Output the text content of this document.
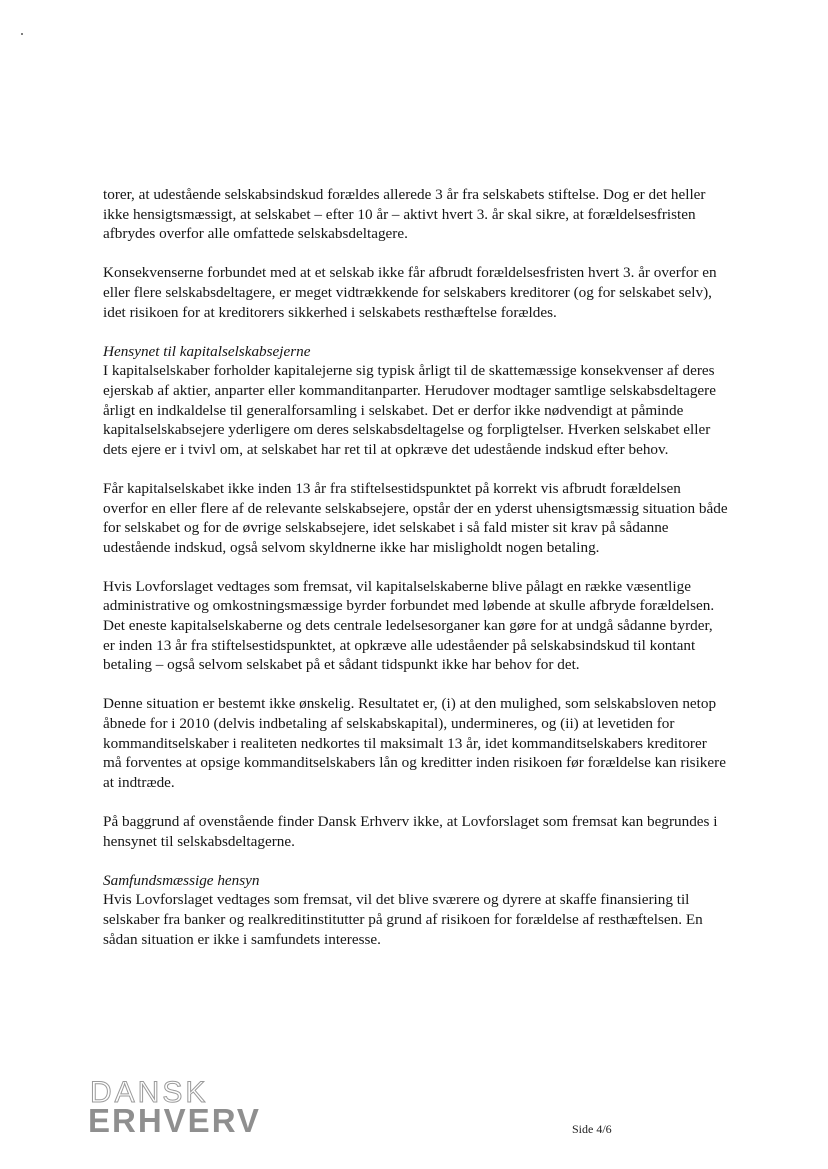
torer, at udestående selskabsindskud forældes allerede 3 år fra selskabets stiftelse. Dog er det heller ikke hensigtsmæssigt, at selskabet – efter 10 år – aktivt hvert 3. år skal sikre, at forældelsesfristen afbrydes overfor alle omfattede selskabsdeltagere.

Konsekvenserne forbundet med at et selskab ikke får afbrudt forældelsesfristen hvert 3. år overfor en eller flere selskabsdeltagere, er meget vidtrækkende for selskabers kreditorer (og for selskabet selv), idet risikoen for at kreditorers sikkerhed i selskabets resthæftelse forældes.

Hensynet til kapitalselskabsejerne
I kapitalselskaber forholder kapitalejerne sig typisk årligt til de skattemæssige konsekvenser af deres ejerskab af aktier, anparter eller kommanditanparter. Herudover modtager samtlige selskabsdeltagere årligt en indkaldelse til generalforsamling i selskabet. Det er derfor ikke nødvendigt at påminde kapitalselskabsejere yderligere om deres selskabsdeltagelse og forpligtelser. Hverken selskabet eller dets ejere er i tvivl om, at selskabet har ret til at opkræve det udestående indskud efter behov.

Får kapitalselskabet ikke inden 13 år fra stiftelsestidspunktet på korrekt vis afbrudt forældelsen overfor en eller flere af de relevante selskabsejere, opstår der en yderst uhensigtsmæssig situation både for selskabet og for de øvrige selskabsejere, idet selskabet i så fald mister sit krav på sådanne udestående indskud, også selvom skyldnerne ikke har misligholdt nogen betaling.

Hvis Lovforslaget vedtages som fremsat, vil kapitalselskaberne blive pålagt en række væsentlige administrative og omkostningsmæssige byrder forbundet med løbende at skulle afbryde forældelsen. Det eneste kapitalselskaberne og dets centrale ledelsesorganer kan gøre for at undgå sådanne byrder, er inden 13 år fra stiftelsestidspunktet, at opkræve alle udeståender på selskabsindskud til kontant betaling – også selvom selskabet på et sådant tidspunkt ikke har behov for det.

Denne situation er bestemt ikke ønskelig. Resultatet er, (i) at den mulighed, som selskabsloven netop åbnede for i 2010 (delvis indbetaling af selskabskapital), undermineres, og (ii) at levetiden for kommanditselskaber i realiteten nedkortes til maksimalt 13 år, idet kommanditselskabers kreditorer må forventes at opsige kommanditselskabers lån og kreditter inden risikoen før forældelse kan risikere at indtræde.

På baggrund af ovenstående finder Dansk Erhverv ikke, at Lovforslaget som fremsat kan begrundes i hensynet til selskabsdeltagerne.

Samfundsmæssige hensyn
Hvis Lovforslaget vedtages som fremsat, vil det blive sværere og dyrere at skaffe finansiering til selskaber fra banker og realkreditinstitutter på grund af risikoen for forældelse af resthæftelsen. En sådan situation er ikke i samfundets interesse.
DANSK
ERHVERV	Side 4/6
